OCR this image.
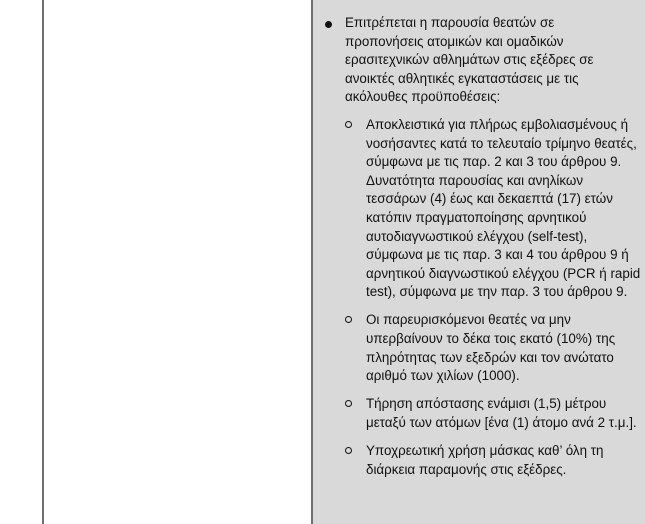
Επιτρέπεται η παρουσία θεατών σε προπονήσεις ατομικών και ομαδικών ερασιτεχνικών αθλημάτων στις εξέδρες σε ανοικτές αθλητικές εγκαταστάσεις με τις ακόλουθες προϋποθέσεις:
Αποκλειστικά για πλήρως εμβολιασμένους ή νοσήσαντες κατά το τελευταίο τρίμηνο θεατές, σύμφωνα με τις παρ. 2 και 3 του άρθρου 9. Δυνατότητα παρουσίας και ανηλίκων τεσσάρων (4) έως και δεκαεπτά (17) ετών κατόπιν πραγματοποίησης αρνητικού αυτοδιαγνωστικού ελέγχου (self-test), σύμφωνα με τις παρ. 3 και 4 του άρθρου 9 ή αρνητικού διαγνωστικού ελέγχου (PCR ή rapid test), σύμφωνα με την παρ. 3 του άρθρου 9.
Οι παρευρισκόμενοι θεατές να μην υπερβαίνουν το δέκα τοις εκατό (10%) της πληρότητας των εξεδρών και τον ανώτατο αριθμό των χιλίων (1000).
Τήρηση απόστασης ενάμισι (1,5) μέτρου μεταξύ των ατόμων [ένα (1) άτομο ανά 2 τ.μ.].
Υποχρεωτική χρήση μάσκας καθ’ όλη τη διάρκεια παραμονής στις εξέδρες.
